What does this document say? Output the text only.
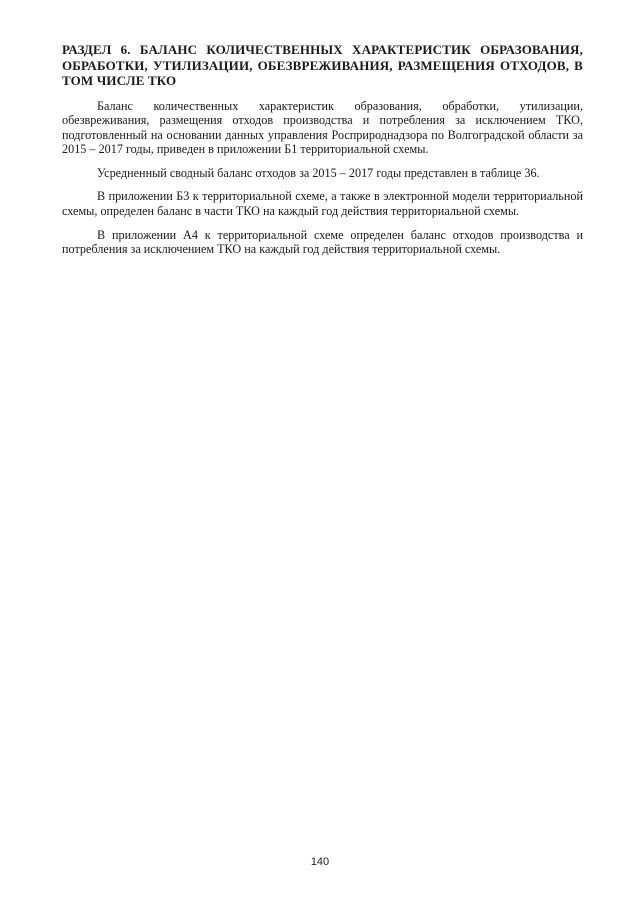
РАЗДЕЛ 6. БАЛАНС КОЛИЧЕСТВЕННЫХ ХАРАКТЕРИСТИК ОБРАЗОВАНИЯ, ОБРАБОТКИ, УТИЛИЗАЦИИ, ОБЕЗВРЕЖИВАНИЯ, РАЗМЕЩЕНИЯ ОТХОДОВ, В ТОМ ЧИСЛЕ ТКО

Баланс количественных характеристик образования, обработки, утилизации, обезвреживания, размещения отходов производства и потребления за исключением ТКО, подготовленный на основании данных управления Росприроднадзора по Волгоградской области за 2015 – 2017 годы, приведен в приложении Б1 территориальной схемы.

Усредненный сводный баланс отходов за 2015 – 2017 годы представлен в таблице 36.

В приложении Б3 к территориальной схеме, а также в электронной модели территориальной схемы, определен баланс в части ТКО на каждый год действия территориальной схемы.

В приложении А4 к территориальной схеме определен баланс отходов производства и потребления за исключением ТКО на каждый год действия территориальной схемы.

140
